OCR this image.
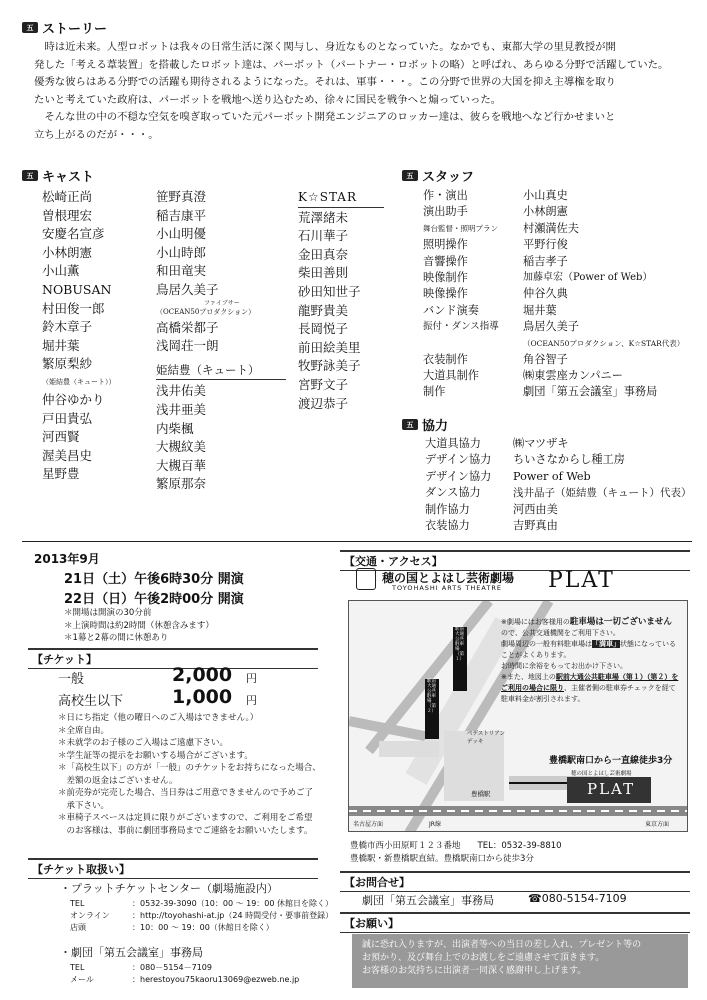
五 ストーリー

　時は近未来。人型ロボットは我々の日常生活に深く関与し、身近なものとなっていた。なかでも、東都大学の里見教授が開

発した「考える葦装置」を搭載したロボット達は、パーボット（パートナー・ロボットの略）と呼ばれ、あらゆる分野で活躍していた。

優秀な彼らはある分野での活躍も期待されるようになった。それは、軍事・・・。この分野で世界の大国を抑え主導権を取り

たいと考えていた政府は、パーボットを戦地へ送り込むため、徐々に国民を戦争へと煽っていった。

　そんな世の中の不穏な空気を嗅ぎ取っていた元パーボット開発エンジニアのロッカー達は、彼らを戦地へなど行かせまいと

立ち上がるのだが・・・。

五 キャスト
松崎正尚
曽根理宏
安慶名宣彦
小林朗憲
小山薫
NOBUSAN
村田俊一郎
鈴木章子
堀井葉
繁原梨紗
（姫結豊（キュート））
仲谷ゆかり
戸田貴弘
河西賢
渥美昌史
星野豊
笹野真澄
稲吉康平
小山明優
小山時郎
和田竜実
鳥居久美子
ファイブサー
（OCEAN50プロダクション）
高橋栄都子
浅岡荘一朗
姫結豊（キュート）
浅井佑美
浅井亜美
内柴楓
大槻紋美
大槻百華
繁原那奈
K☆STAR
荒澤緒未
石川華子
金田真奈
柴田善則
砂田知世子
龍野貴美
長岡悦子
前田絵美里
牧野詠美子
宮野文子
渡辺恭子
五 スタッフ
作・演出	小山真史
演出助手	小林朗憲
舞台監督・照明プラン	村瀬満佐夫
照明操作	平野行俊
音響操作	稲吉孝子
映像制作	加藤卓宏（Power of Web）
映像操作	仲谷久典
バンド演奏	堀井葉
振付・ダンス指導	鳥居久美子
（OCEAN50プロダクション、K☆STAR代表）
衣装制作	角谷智子
大道具制作	㈱東雲座カンパニー
制作	劇団「第五会議室」事務局
五 協力
大道具協力	㈱マツザキ
デザイン協力	ちいさなからし種工房
デザイン協力	Power of Web
ダンス協力	浅井晶子（姫結豊（キュート）代表）
制作協力	河西由美
衣装協力	吉野真由
2013年9月
21日（土）午後6時30分 開演
22日（日）午後2時00分 開演
＊開場は開演の30分前
＊上演時間は約2時間（休憩含みます）
＊1幕と2幕の間に休憩あり
【チケット】
一般	2,000 円
高校生以下	1,000 円
＊日にち指定（他の曜日へのご入場はできません。）
＊全席自由。
＊未就学のお子様のご入場はご遠慮下さい。
＊学生証等の提示をお願いする場合がございます。
＊「高校生以下」の方が「一般」のチケットをお持ちになった場合、
　差額の返金はございません。
＊前売券が完売した場合、当日券はご用意できませんので予めご了
　承下さい。
＊車椅子スペースは定員に限りがございますので、ご利用をご希望
　のお客様は、事前に劇団事務局までご連絡をお願いいたします。
【チケット取扱い】
・プラットチケットセンター（劇場施設内）
TEL	：0532-39-3090（10：00 ～ 19：00 休館日を除く）
オンライン	：http://toyohashi-at.jp（24 時間受付・要事前登録）
店頭	：10：00 ～ 19：00（休館日を除く）
・劇団「第五会議室」事務局
TEL	：080－5154－7109
メール	：herestoyou75kaoru13069@ezweb.ne.jp
【交通・アクセス】
穂の国とよはし芸術劇場
TOYOHASHI ARTS THEATRE PLAT
※劇場にはお客様用の駐車場は一切ございません
ので、公共交通機関をご利用下さい。
劇場周辺の一般有料駐車場は「満車」状態になっている
ことがよくあります。
お時間に余裕をもってお出かけ下さい。
※また、地図上の駅前大通公共駐車場（第１）（第２）を
ご利用の場合に限り、主催者側の駐車券チェックを経て
駐車料金が割引されます。
豊橋駅南口から一直線徒歩3分
穂の国とよはし芸術劇場
PLAT
名古屋方面	JR線	東京方面
ペデストリアンデッキ
豊橋駅
駅前大通公共駐車場（第１）
駅前大通公共駐車場（第２）
豊橋市西小田原町１２３番地　　 TEL：0532-39-8810
豊橋駅・新豊橋駅直結。豊橋駅南口から徒歩3分
【お問合せ】
劇団「第五会議室」事務局	☎080-5154-7109
【お願い】
誠に恐れ入りますが、出演者等への当日の差し入れ、プレゼント等の
お預かり、及び舞台上でのお渡しをご遠慮させて頂きます。
お客様のお気持ちに出演者一同深く感謝申し上げます。
